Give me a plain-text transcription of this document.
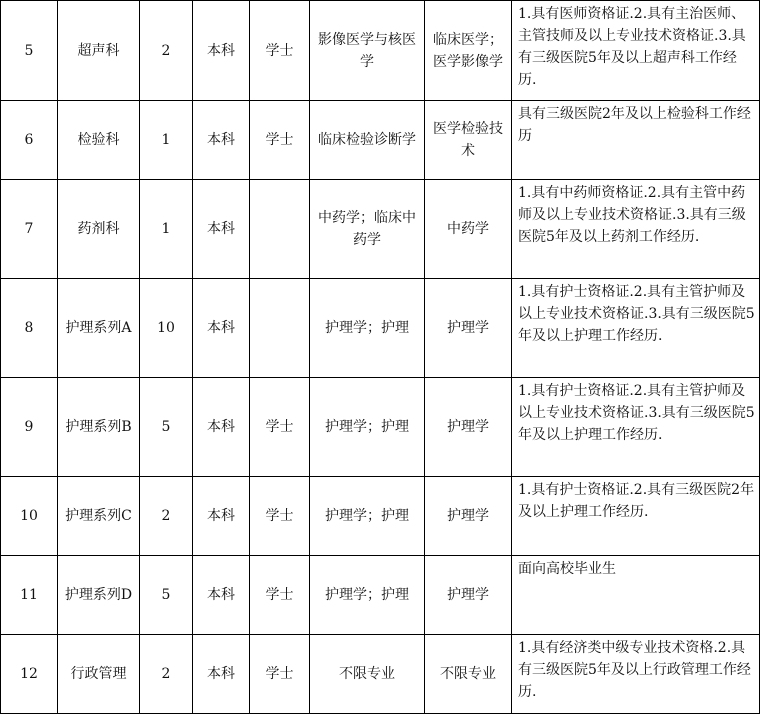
5	超声科	2	本科	学士	影像医学与核医学	临床医学；医学影像学	1.具有医师资格证.2.具有主治医师、主管技师及以上专业技术资格证.3.具有三级医院5年及以上超声科工作经历.
6	检验科	1	本科	学士	临床检验诊断学	医学检验技术	具有三级医院2年及以上检验科工作经历
7	药剂科	1	本科		中药学；临床中药学	中药学	1.具有中药师资格证.2.具有主管中药师及以上专业技术资格证.3.具有三级医院5年及以上药剂工作经历.
8	护理系列A	10	本科		护理学；护理	护理学	1.具有护士资格证.2.具有主管护师及以上专业技术资格证.3.具有三级医院5年及以上护理工作经历.
9	护理系列B	5	本科	学士	护理学；护理	护理学	1.具有护士资格证.2.具有主管护师及以上专业技术资格证.3.具有三级医院5年及以上护理工作经历.
10	护理系列C	2	本科	学士	护理学；护理	护理学	1.具有护士资格证.2.具有三级医院2年及以上护理工作经历.
11	护理系列D	5	本科	学士	护理学；护理	护理学	面向高校毕业生
12	行政管理	2	本科	学士	不限专业	不限专业	1.具有经济类中级专业技术资格.2.具有三级医院5年及以上行政管理工作经历.
